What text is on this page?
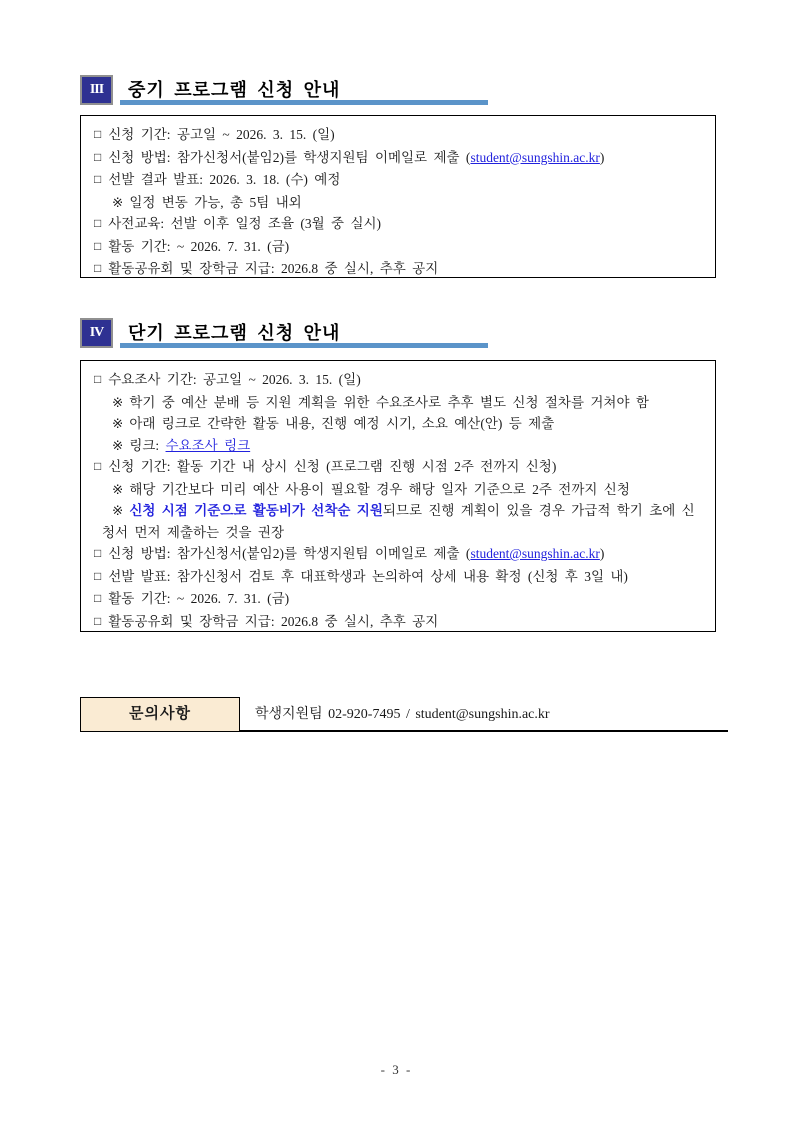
III	중기 프로그램 신청 안내
□ 신청 기간: 공고일 ~ 2026. 3. 15. (일)
□ 신청 방법: 참가신청서(붙임2)를 학생지원팀 이메일로 제출 (student@sungshin.ac.kr)
□ 선발 결과 발표: 2026. 3. 18. (수) 예정
※ 일정 변동 가능, 총 5팀 내외
□ 사전교육: 선발 이후 일정 조율 (3월 중 실시)
□ 활동 기간: ~ 2026. 7. 31. (금)
□ 활동공유회 및 장학금 지급: 2026.8 중 실시, 추후 공지
IV	단기 프로그램 신청 안내
□ 수요조사 기간: 공고일 ~ 2026. 3. 15. (일)
※ 학기 중 예산 분배 등 지원 계획을 위한 수요조사로 추후 별도 신청 절차를 거쳐야 함
※ 아래 링크로 간략한 활동 내용, 진행 예정 시기, 소요 예산(안) 등 제출
※ 링크: 수요조사 링크
□ 신청 기간: 활동 기간 내 상시 신청 (프로그램 진행 시점 2주 전까지 신청)
※ 해당 기간보다 미리 예산 사용이 필요할 경우 해당 일자 기준으로 2주 전까지 신청
※ 신청 시점 기준으로 활동비가 선착순 지원되므로 진행 계획이 있을 경우 가급적 학기 초에 신
청서 먼저 제출하는 것을 권장
□ 신청 방법: 참가신청서(붙임2)를 학생지원팀 이메일로 제출 (student@sungshin.ac.kr)
□ 선발 발표: 참가신청서 검토 후 대표학생과 논의하여 상세 내용 확정 (신청 후 3일 내)
□ 활동 기간: ~ 2026. 7. 31. (금)
□ 활동공유회 및 장학금 지급: 2026.8 중 실시, 추후 공지
문의사항	학생지원팀 02-920-7495 / student@sungshin.ac.kr
- 3 -
